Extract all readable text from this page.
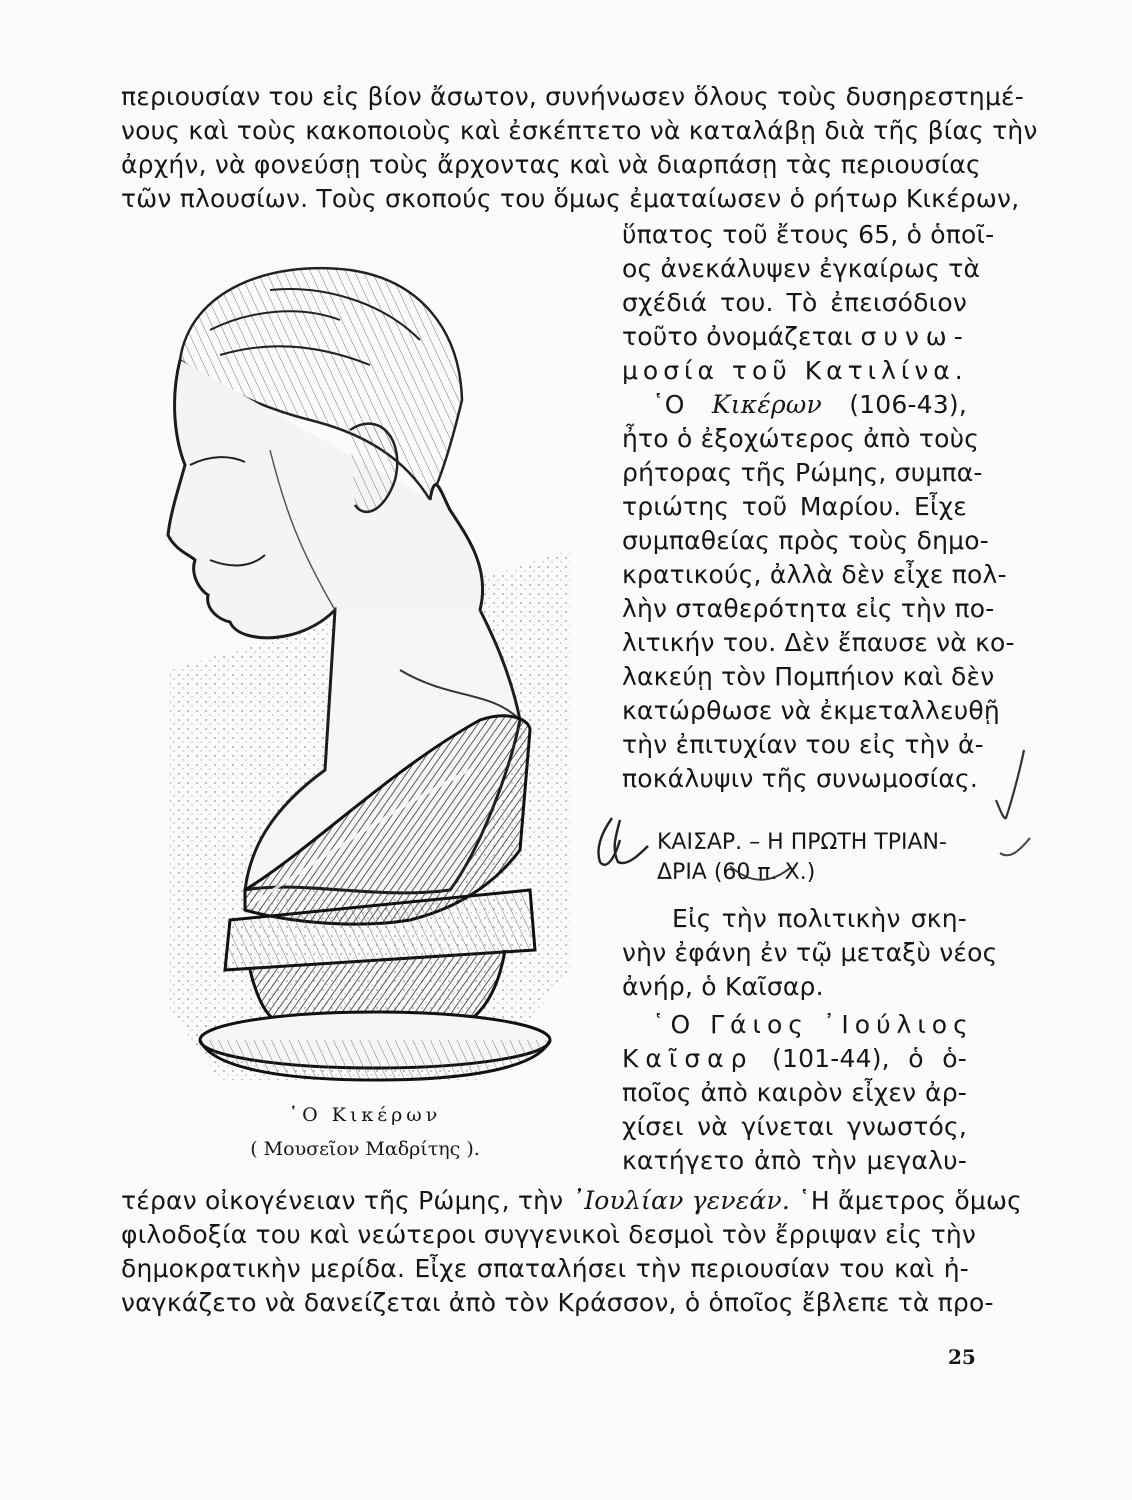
περιουσίαν του εἰς βίον ἄσωτον, συνήνωσεν ὅλους τοὺς δυσηρεστημέ-

νους καὶ τοὺς κακοποιοὺς καὶ ἐσκέπτετο νὰ καταλάβῃ διὰ τῆς βίας τὴν

ἀρχήν, νὰ φονεύσῃ τοὺς ἄρχοντας καὶ νὰ διαρπάσῃ τὰς περιουσίας

τῶν πλουσίων. Τοὺς σκοπούς του ὅμως ἐματαίωσεν ὁ ρήτωρ Κικέρων,

ὕπατος τοῦ ἔτους 65, ὁ ὁποῖ-

ος ἀνεκάλυψεν ἐγκαίρως τὰ

σχέδιά του. Τὸ ἐπεισόδιον

τοῦτο ὀνομάζεται συνω-

μοσία τοῦ Κατιλίνα.

῾Ο Κικέρων (106-43),

ἦτο ὁ ἐξοχώτερος ἀπὸ τοὺς

ρήτορας τῆς Ρώμης, συμπα-

τριώτης τοῦ Μαρίου. Εἶχε

συμπαθείας πρὸς τοὺς δημο-

κρατικούς, ἀλλὰ δὲν εἶχε πολ-

λὴν σταθερότητα εἰς τὴν πο-

λιτικήν του. Δὲν ἔπαυσε νὰ κο-

λακεύῃ τὸν Πομπήιον καὶ δὲν

κατώρθωσε νὰ ἐκμεταλλευθῇ

τὴν ἐπιτυχίαν του εἰς τὴν ἀ-

ποκάλυψιν τῆς συνωμοσίας.

ΚΑΙΣΑΡ. – Η ΠΡΩΤΗ ΤΡΙΑΝ-
ΔΡΙΑ (60 π. Χ.)

Εἰς τὴν πολιτικὴν σκη-

νὴν ἐφάνη ἐν τῷ μεταξὺ νέος

ἀνήρ, ὁ Καῖσαρ.

῾Ο Γάιος ᾽Ιούλιος

Καῖσαρ (101-44), ὁ ὁ-

ποῖος ἀπὸ καιρὸν εἶχεν ἀρ-

χίσει νὰ γίνεται γνωστός,

κατήγετο ἀπὸ τὴν μεγαλυ-

῾Ο Κικέρων
( Μουσεῖον Μαδρίτης ).

τέραν οἰκογένειαν τῆς Ρώμης, τὴν ᾽Ιουλίαν γενεάν. ῾Η ἄμετρος ὅμως

φιλοδοξία του καὶ νεώτεροι συγγενικοὶ δεσμοὶ τὸν ἔρριψαν εἰς τὴν

δημοκρατικὴν μερίδα. Εἶχε σπαταλήσει τὴν περιουσίαν του καὶ ἠ-

ναγκάζετο νὰ δανείζεται ἀπὸ τὸν Κράσσον, ὁ ὁποῖος ἔβλεπε τὰ προ-

25
